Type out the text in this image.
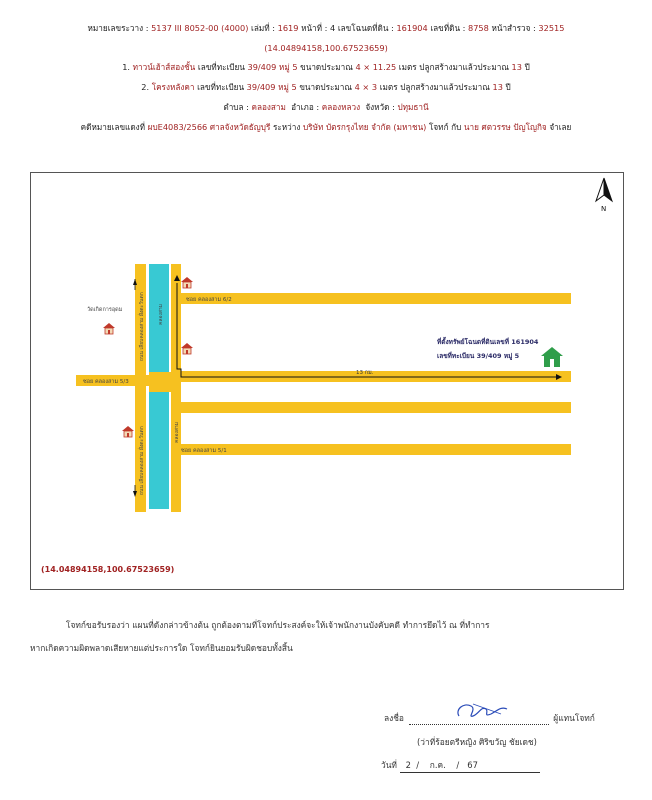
หมายเลขระวาง : 5137 III 8052-00 (4000) เล่มที่ : 1619 หน้าที่ : 4 เลขโฉนดที่ดิน : 161904 เลขที่ดิน : 8758 หน้าสำรวจ : 32515
(14.04894158,100.67523659)
1. ทาวน์เฮ้าส์สองชั้น เลขที่ทะเบียน 39/409 หมู่ 5 ขนาดประมาณ 4 × 11.25 เมตร ปลูกสร้างมาแล้วประมาณ 13 ปี
2. โครงหลังคา เลขที่ทะเบียน 39/409 หมู่ 5 ขนาดประมาณ 4 × 3 เมตร ปลูกสร้างมาแล้วประมาณ 13 ปี
ตำบล : คลองสาม อำเภอ : คลองหลวง จังหวัด : ปทุมธานี
คดีหมายเลขแดงที่ ผบE4083/2566 ศาลจังหวัดธัญบุรี ระหว่าง บริษัท บัตรกรุงไทย จำกัด (มหาชน) โจทก์ กับ นาย ศตวรรษ ปัญโญกิจ จำเลย
ซอย คลองสาม 6/2
ซอย คลองสาม 5/3
ซอย คลองสาม 5/1
ถนน เลียบคลองสาม ฝั่งตะวันตก
ถนน เลียบคลองสาม ฝั่งตะวันตก
คลองสาม
คลองสาม
13 กม.
N
วัดเกิดการอุดม
ที่ตั้งทรัพย์โฉนดที่ดินเลขที่ 161904
เลขที่ทะเบียน 39/409 หมู่ 5
(14.04894158,100.67523659)
โจทก์ขอรับรองว่า แผนที่ดังกล่าวข้างต้น ถูกต้องตามที่โจทก์ประสงค์จะให้เจ้าพนักงานบังคับคดี ทำการยึดไว้ ณ ที่ทำการ
หากเกิดความผิดพลาดเสียหายแต่ประการใด โจทก์ยินยอมรับผิดชอบทั้งสิ้น
ลงชื่อ	ผู้แทนโจทก์
(ว่าที่ร้อยตรีหญิง ศิริขวัญ ชัยเดช)
วันที่ 2  /    ก.ค.    /   67
